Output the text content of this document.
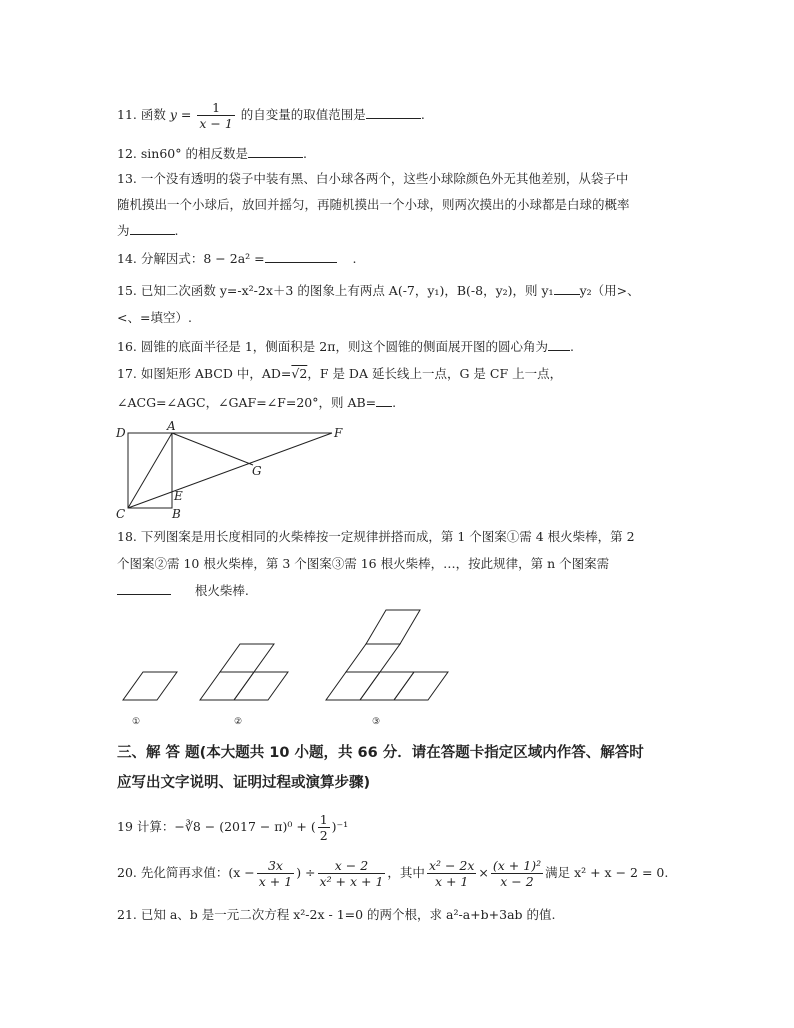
11. 函数 $y = \frac{1}{x - 1}$ 的自变量的取值范围是	.
12. sin60° 的相反数是	.
13. 一个没有透明的袋子中装有黑、白小球各两个，这些小球除颜色外无其他差别，从袋子中
随机摸出一个小球后，放回并摇匀，再随机摸出一个小球，则两次摸出的小球都是白球的概率
为	.
14. 分解因式：8 − 2a² =	.
15. 已知二次函数 y=-x²-2x＋3 的图象上有两点 A(-7，y₁)，B(-8，y₂)，则 y₁ y₂（用>、
<、=填空）.
16. 圆锥的底面半径是 1，侧面积是 2π，则这个圆锥的侧面展开图的圆心角为 .
17. 如图矩形 ABCD 中，AD=√2，F 是 DA 延长线上一点，G 是 CF 上一点，
∠ACG=∠AGC，∠GAF=∠F=20°，则 AB= .
D	A	F
G
E
C	B
18. 下列图案是用长度相同的火柴棒按一定规律拼搭而成，第 1 个图案①需 4 根火柴棒，第 2
个图案②需 10 根火柴棒，第 3 个图案③需 16 根火柴棒，…，按此规律，第 n 个图案需
根火柴棒.
①	②	③
三、解 答 题(本大题共 10 小题，共 66 分．请在答题卡指定区域内作答、解答时
应写出文字说明、证明过程或演算步骤)
19 计算：−∛8 − (2017 − π)⁰ + ( $\frac{1}{2} )^{-1}$
20. 先化简再求值：($x - \frac{3x}{x + 1}$ ) ÷ $\frac{x - 2}{\text{x² + x + 1}}$ ，其中 $\frac{\text{x² − 2x}}{x + 1} \times \frac{\text{(x + 1)²}}{x - 2}$ 满足 x² + x − 2 = 0.
21. 已知 a、b 是一元二次方程 x²-2x - 1=0 的两个根，求 a²-a+b+3ab 的值.
